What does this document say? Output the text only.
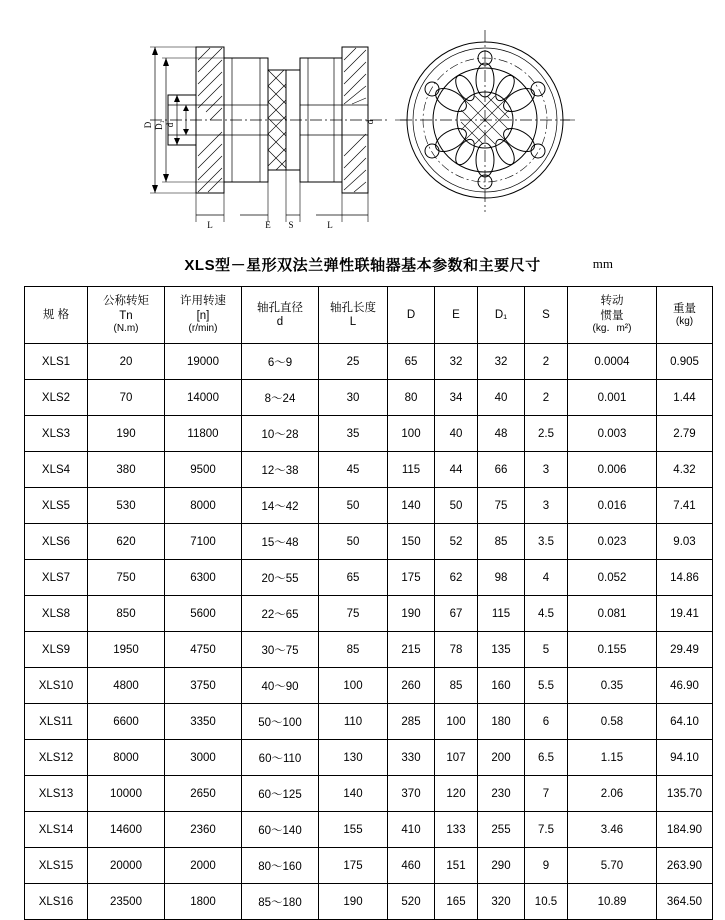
D D₁ d
L	E S	L
d
XLS型－星形双法兰弹性联轴器基本参数和主要尺寸	mm
规 格	公称转矩
Tn
(N.m)	许用转速
[n]
(r/min)	轴孔直径
d	轴孔长度
L	D	E	D₁	S	转动
惯量
(kg．m²)	重量
(kg)

XLS1	20	19000	6～9	25	65	32	32	2	0.0004	0.905
XLS2	70	14000	8～24	30	80	34	40	2	0.001	1.44
XLS3	190	11800	10～28	35	100	40	48	2.5	0.003	2.79
XLS4	380	9500	12～38	45	115	44	66	3	0.006	4.32
XLS5	530	8000	14～42	50	140	50	75	3	0.016	7.41
XLS6	620	7100	15～48	50	150	52	85	3.5	0.023	9.03
XLS7	750	6300	20～55	65	175	62	98	4	0.052	14.86
XLS8	850	5600	22～65	75	190	67	115	4.5	0.081	19.41
XLS9	1950	4750	30～75	85	215	78	135	5	0.155	29.49
XLS10	4800	3750	40～90	100	260	85	160	5.5	0.35	46.90
XLS11	6600	3350	50～100	110	285	100	180	6	0.58	64.10
XLS12	8000	3000	60～110	130	330	107	200	6.5	1.15	94.10
XLS13	10000	2650	60～125	140	370	120	230	7	2.06	135.70
XLS14	14600	2360	60～140	155	410	133	255	7.5	3.46	184.90
XLS15	20000	2000	80～160	175	460	151	290	9	5.70	263.90
XLS16	23500	1800	85～180	190	520	165	320	10.5	10.89	364.50
